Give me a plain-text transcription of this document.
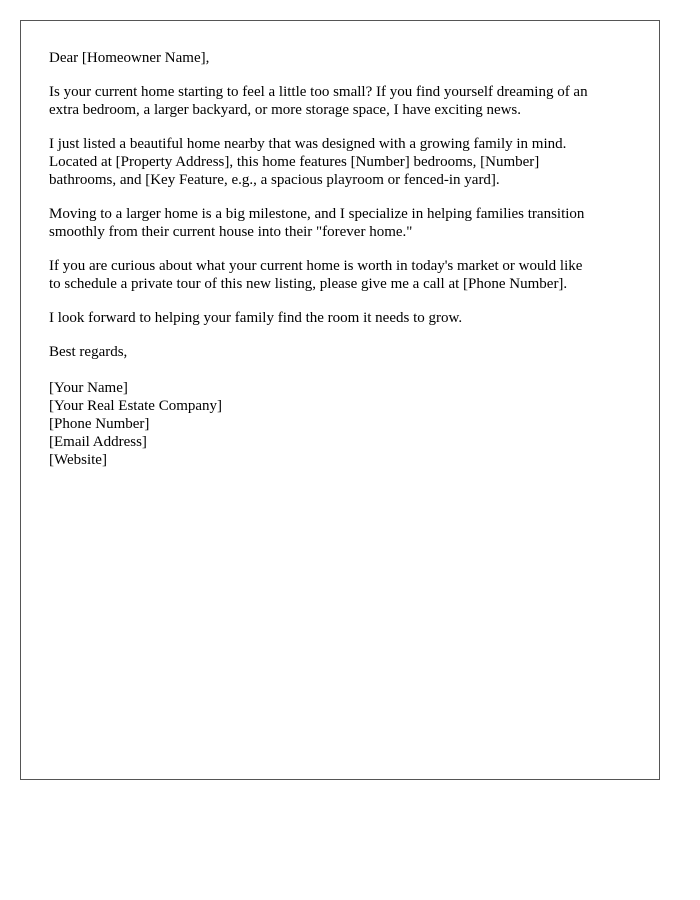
Dear [Homeowner Name],

Is your current home starting to feel a little too small? If you find yourself dreaming of an
extra bedroom, a larger backyard, or more storage space, I have exciting news.

I just listed a beautiful home nearby that was designed with a growing family in mind.
Located at [Property Address], this home features [Number] bedrooms, [Number]
bathrooms, and [Key Feature, e.g., a spacious playroom or fenced-in yard].

Moving to a larger home is a big milestone, and I specialize in helping families transition
smoothly from their current house into their "forever home."

If you are curious about what your current home is worth in today's market or would like
to schedule a private tour of this new listing, please give me a call at [Phone Number].

I look forward to helping your family find the room it needs to grow.

Best regards,

[Your Name]
[Your Real Estate Company]
[Phone Number]
[Email Address]
[Website]
